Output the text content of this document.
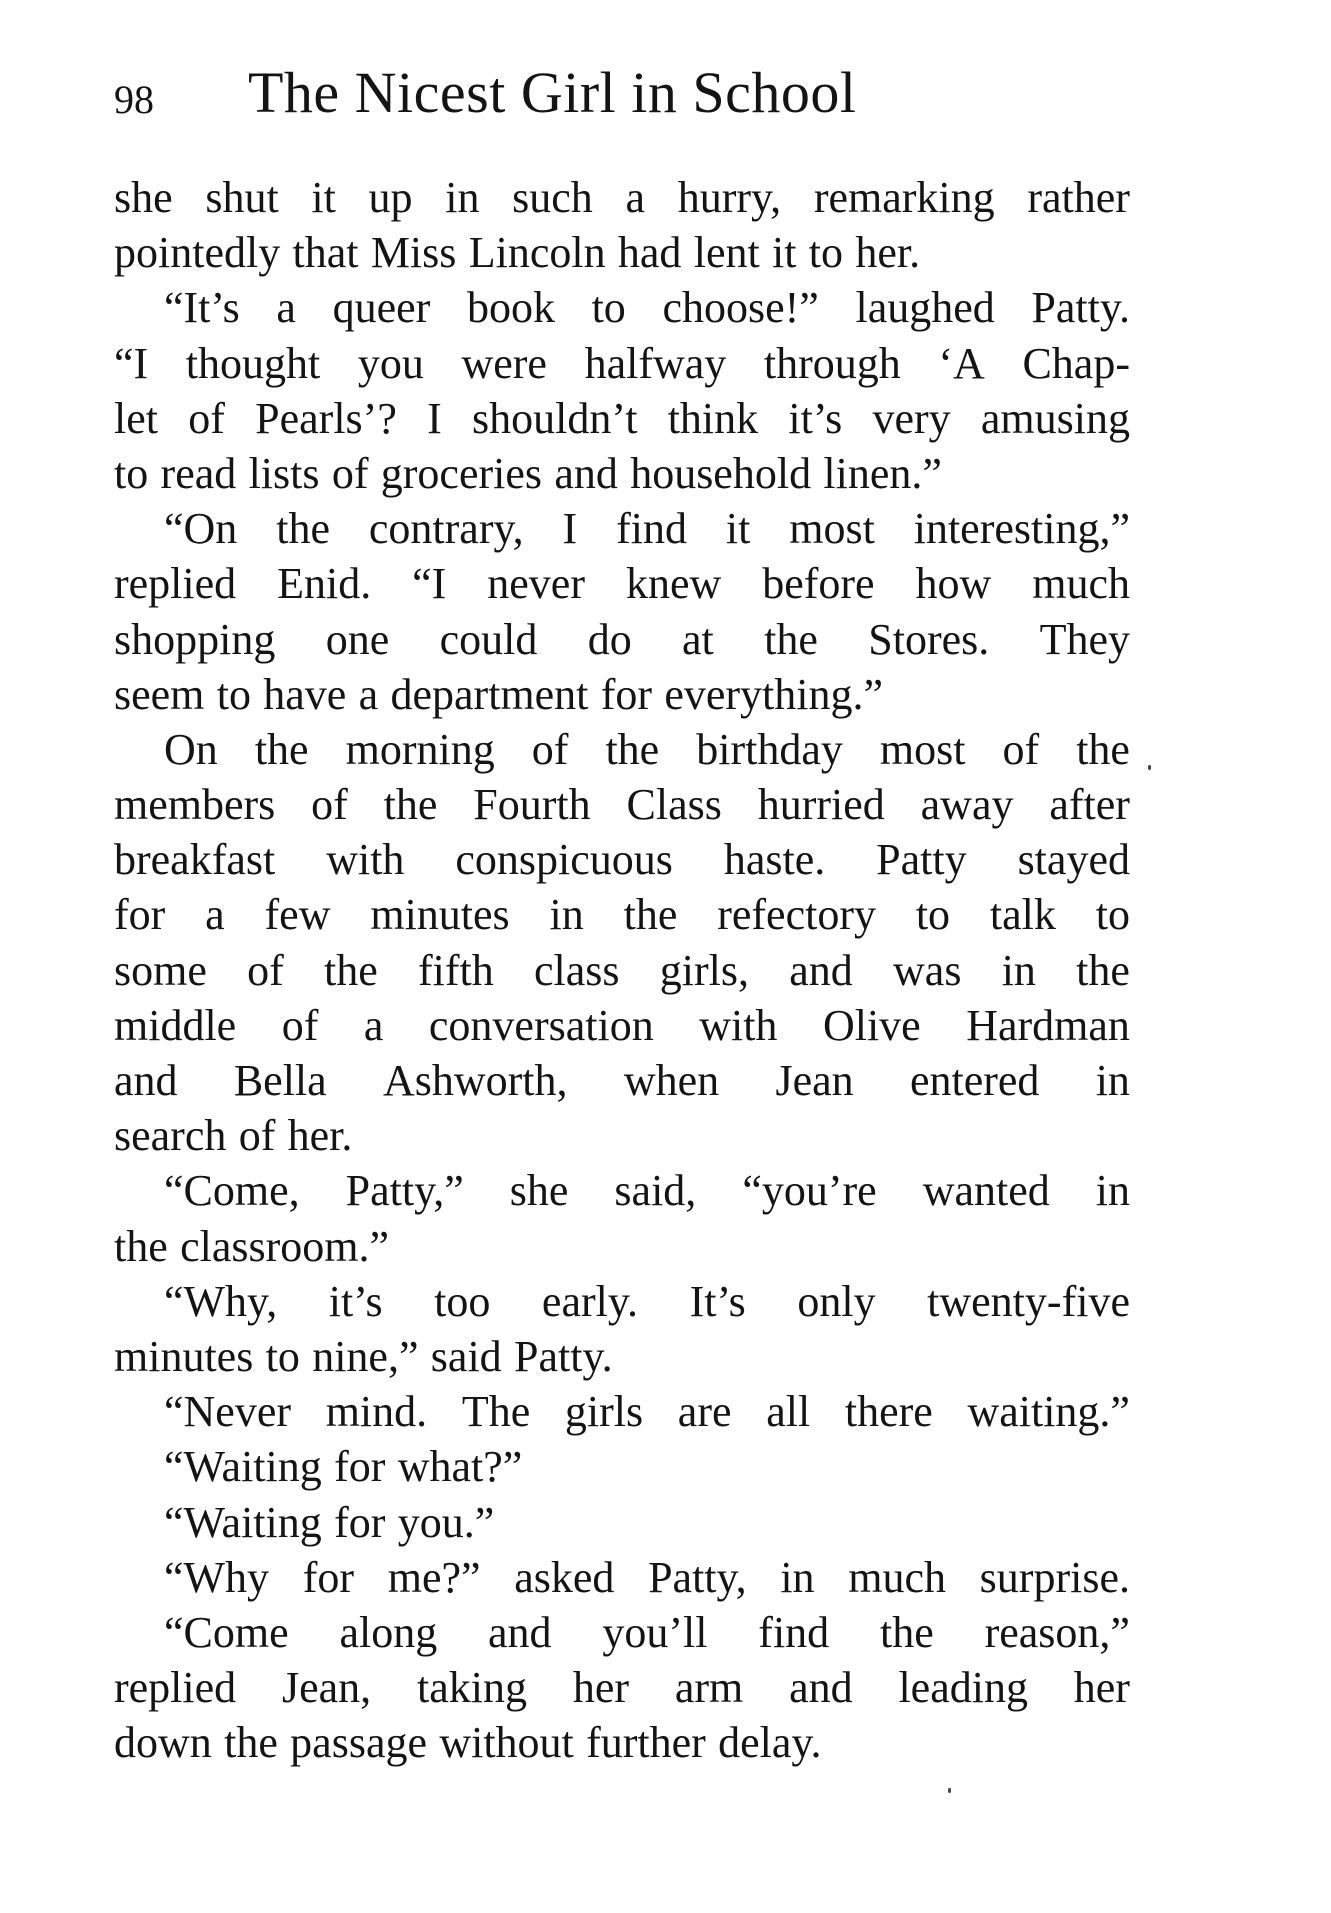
98 The Nicest Girl in School
she shut it up in such a hurry, remarking rather
pointedly that Miss Lincoln had lent it to her.
“It’s a queer book to choose!” laughed Patty.
“I thought you were halfway through ‘A Chap-
let of Pearls’? I shouldn’t think it’s very amusing
to read lists of groceries and household linen.”
“On the contrary, I find it most interesting,”
replied Enid. “I never knew before how much
shopping one could do at the Stores. They
seem to have a department for everything.”
On the morning of the birthday most of the
members of the Fourth Class hurried away after
breakfast with conspicuous haste. Patty stayed
for a few minutes in the refectory to talk to
some of the fifth class girls, and was in the
middle of a conversation with Olive Hardman
and Bella Ashworth, when Jean entered in
search of her.
“Come, Patty,” she said, “you’re wanted in
the classroom.”
“Why, it’s too early. It’s only twenty-five
minutes to nine,” said Patty.
“Never mind. The girls are all there waiting.”
“Waiting for what?”
“Waiting for you.”
“Why for me?” asked Patty, in much surprise.
“Come along and you’ll find the reason,”
replied Jean, taking her arm and leading her
down the passage without further delay.
